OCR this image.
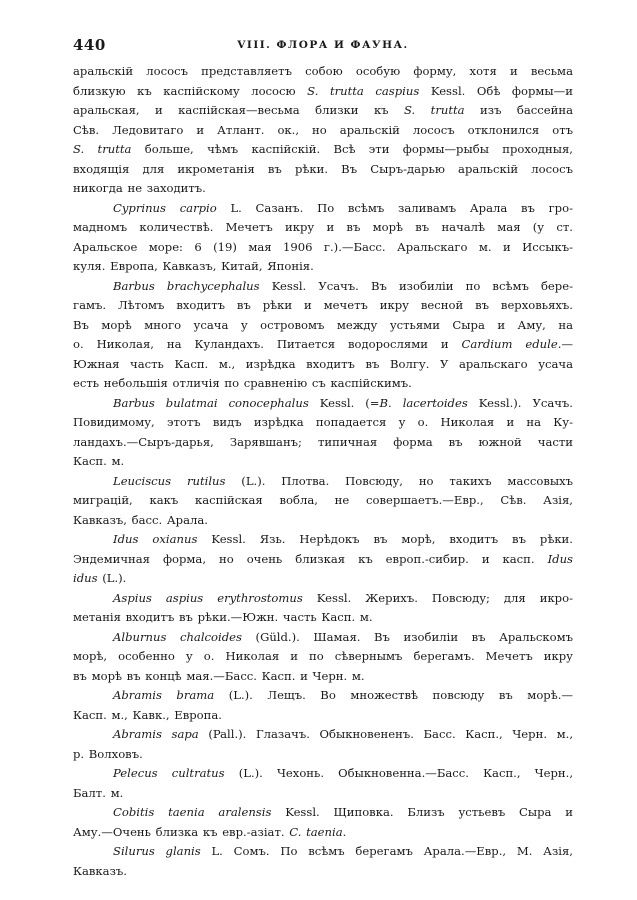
440	VIII. ФЛОРА И ФАУНА.
аральскій лососъ представляетъ собою особую форму, хотя и весьма
близкую къ каспійскому лососю S. trutta caspius Kessl. Обѣ формы—и
аральская, и каспійская—весьма близки къ S. trutta изъ бассейна
Сѣв. Ледовитаго и Атлант. ок., но аральскій лососъ отклонился отъ
S. trutta больше, чѣмъ каспійскій. Всѣ эти формы—рыбы проходныя,
входящія для икрометанія въ рѣки. Въ Сыръ-дарью аральскій лососъ
никогда не заходитъ.
Cyprinus carpio L. Сазанъ. По всѣмъ заливамъ Арала въ гро-
мадномъ количествѣ. Мечетъ икру и въ морѣ въ началѣ мая (у ст.
Аральское море: 6 (19) мая 1906 г.).—Басс. Аральскаго м. и Иссыкъ-
куля. Европа, Кавказъ, Китай, Японія.
Barbus brachycephalus Kessl. Усачъ. Въ изобиліи по всѣмъ бере-
гамъ. Лѣтомъ входитъ въ рѣки и мечетъ икру весной въ верховьяхъ.
Въ морѣ много усача у островомъ между устьями Сыра и Аму, на
о. Николая, на Куландахъ. Питается водорослями и Cardium edule.—
Южная часть Касп. м., изрѣдка входитъ въ Волгу. У аральскаго усача
есть небольшія отличія по сравненію съ каспійскимъ.
Barbus bulatmai conocephalus Kessl. (=B. lacertoides Kessl.). Усачъ.
Повидимому, этотъ видъ изрѣдка попадается у о. Николая и на Ку-
ландахъ.—Сыръ-дарья, Зарявшанъ; типичная форма въ южной части
Касп. м.
Leuciscus rutilus (L.). Плотва. Повсюду, но такихъ массовыхъ
миграцій, какъ каспійская вобла, не совершаетъ.—Евр., Сѣв. Азія,
Кавказъ, басс. Арала.
Idus oxianus Kessl. Язь. Нерѣдокъ въ морѣ, входитъ въ рѣки.
Эндемичная форма, но очень близкая къ европ.-сибир. и касп. Idus
idus (L.).
Aspius aspius erythrostomus Kessl. Жерихъ. Повсюду; для икро-
метанія входитъ въ рѣки.—Южн. часть Касп. м.
Alburnus chalcoides (Güld.). Шамая. Въ изобиліи въ Аральскомъ
морѣ, особенно у о. Николая и по сѣвернымъ берегамъ. Мечетъ икру
въ морѣ въ концѣ мая.—Басс. Касп. и Черн. м.
Abramis brama (L.). Лещъ. Во множествѣ повсюду въ морѣ.—
Касп. м., Кавк., Европа.
Abramis sapa (Pall.). Глазачъ. Обыкновененъ. Басс. Касп., Черн. м.,
р. Волховъ.
Pelecus cultratus (L.). Чехонь. Обыкновенна.—Басс. Касп., Черн.,
Балт. м.
Cobitis taenia aralensis Kessl. Щиповка. Близъ устьевъ Сыра и
Аму.—Очень близка къ евр.-азіат. C. taenia.
Silurus glanis L. Сомъ. По всѣмъ берегамъ Арала.—Евр., М. Азія,
Кавказъ.
